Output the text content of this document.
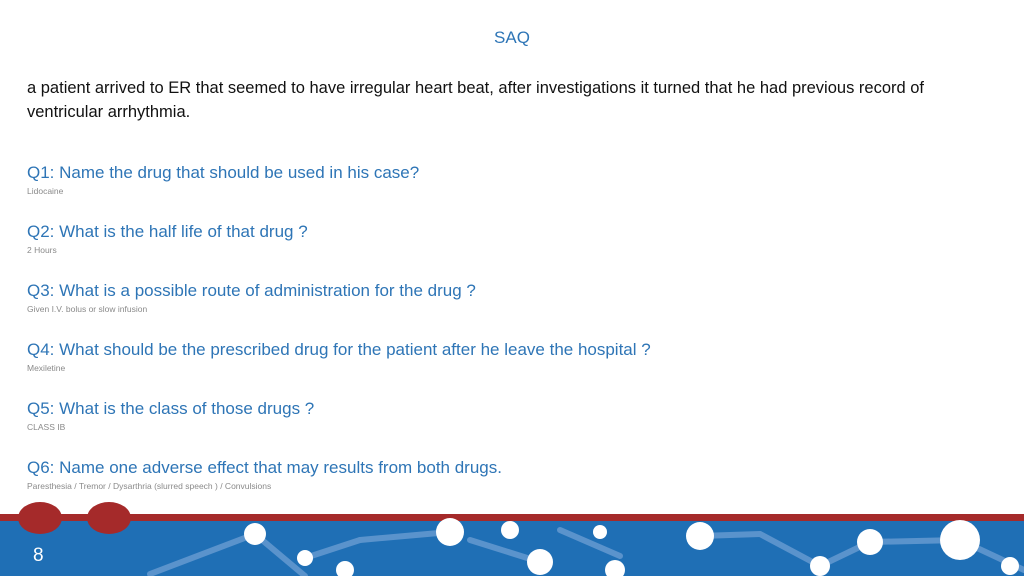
SAQ
a patient arrived to ER that seemed to have irregular heart beat, after investigations it turned that he had previous record of ventricular arrhythmia.
Q1: Name the drug that should be used in his case?
Lidocaine
Q2: What is the half life of that drug ?
2 Hours
Q3: What is a possible route of administration for the drug ?
Given I.V. bolus or slow infusion
Q4: What should be the prescribed drug for the patient after he leave the hospital ?
Mexiletine
Q5: What is the class of those drugs ?
CLASS IB
Q6: Name one adverse effect that may results from both drugs.
Paresthesia / Tremor / Dysarthria (slurred speech ) / Convulsions
8
